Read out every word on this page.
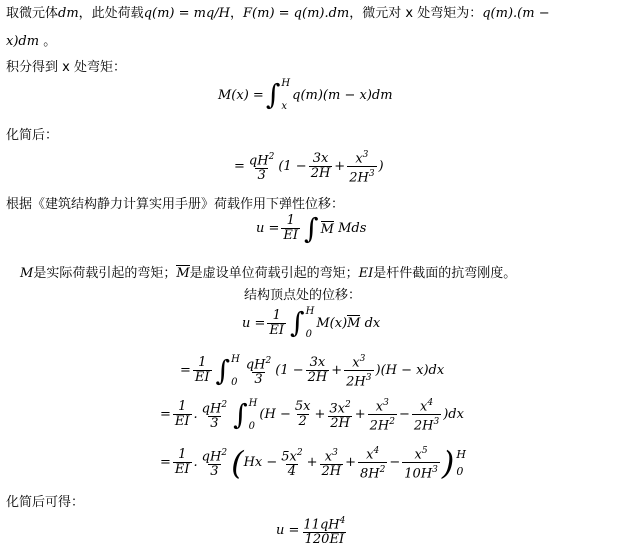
取微元体dm，此处荷载q(m) = mq/H，F(m) = q(m).dm，微元对 x 处弯矩为：q(m).(m −
x)dm 。
积分得到 x 处弯矩：
M(x) = ∫ H
x
q(m)(m − x)dm
化简后：
= $\frac{qH^2}{3} (1 - \frac{3x}{2H} + \frac{x^3}{2H^3}$ )
根据《建筑结构静力计算实用手册》荷载作用下弹性位移：
$u = \frac{1}{EI}$ ∫ M
Mds
M是实际荷载引起的弯矩；M是虚设单位荷载引起的弯矩；EI是杆件截面的抗弯刚度。
结构顶点处的位移：
$u = \frac{1}{EI}$ ∫ H
0
M(x) M
dx
= $\frac{1}{EI}$ ∫ H
$0 \frac{qH^2}{3} (1 - \frac{3x}{2H} + \frac{x^3}{2H^3} )(H - x)dx$
= $\frac{1}{EI}$ . $\frac{qH^2}{3}$ ∫ H
0
$(H - \frac{5x}{2} + \frac{3x^2}{2H} + \frac{x^3}{2H^2} - \frac{x^4}{2H^3} )dx$
= $\frac{1}{EI}$ . $\frac{qH^2}{3}$ ( $Hx - \frac{5x^2}{4} + \frac{x^3}{2H} + \frac{x^4}{8H^2} - \frac{x^5}{10H^3}$ ) H
0
化简后可得：
$u = \frac{11qH^4}{120EI}$
